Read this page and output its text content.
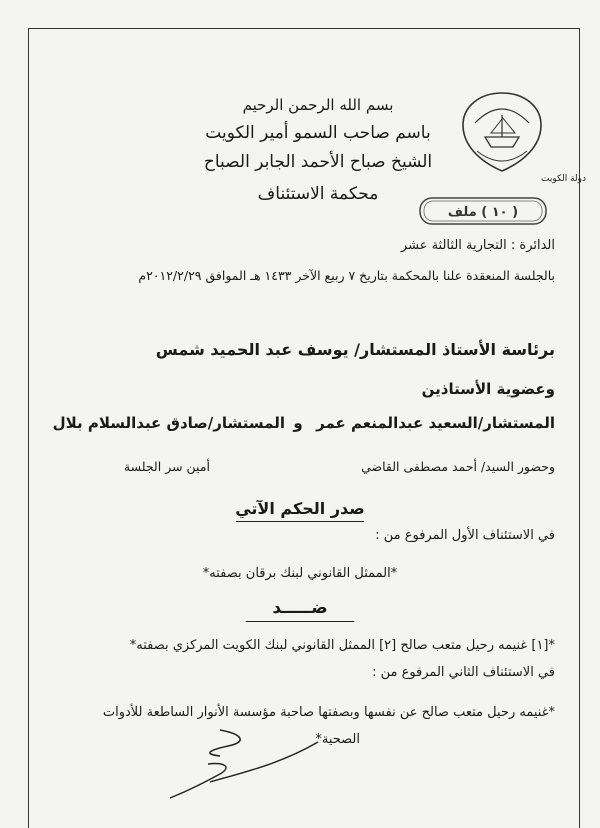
دولة الكويت
بسم الله الرحمن الرحيم
باسم صاحب السمو أمير الكويت
الشيخ صباح الأحمد الجابر الصباح
محكمة الاستئناف
( ١٠ ) ملف
الدائرة : التجارية الثالثة عشر
بالجلسة المنعقدة علنا بالمحكمة بتاريخ ٧ ربيع الآخر ١٤٣٣ هـ الموافق ٢٠١٢/٢/٢٩م
برئاسة الأستاذ المستشار/ يوسف عبد الحميد شمس
وعضوية الأستاذين
المستشار/السعيد عبدالمنعم عمر
و
المستشار/صادق عبدالسلام بلال
وحضور السيد/ أحمد مصطفى القاضي
أمين سر الجلسة
صدر الحكم الآتي
في الاستئناف الأول المرفوع من :
*الممثل القانوني لبنك برقان بصفته*
ضـــــد
*[١] غنيمه رحيل متعب صالح [٢] الممثل القانوني لبنك الكويت المركزي بصفته*
في الاستئناف الثاني المرفوع من :
*غنيمه رحيل متعب صالح عن نفسها وبصفتها صاحبة مؤسسة الأنوار الساطعة للأدوات
الصحية*
